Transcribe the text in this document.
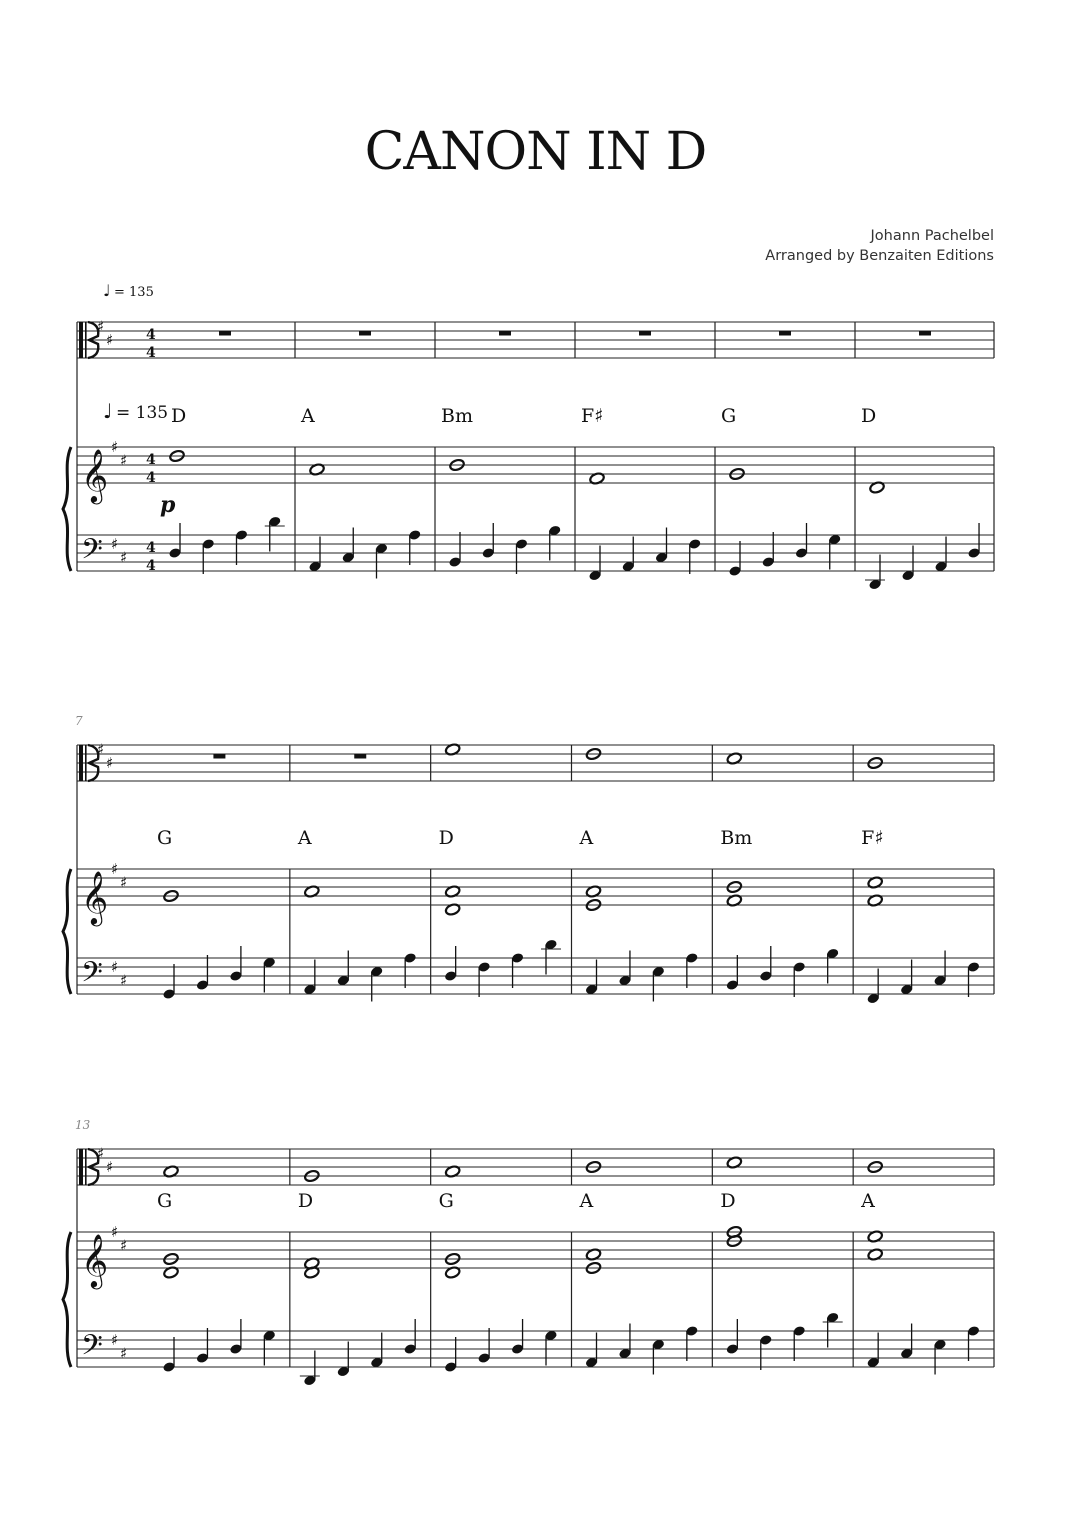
CANON IN D
Johann Pachelbel
Arranged by Benzaiten Editions
𝄞
𝄢
♯
♯
♯
♯
♯
♯
4
4
4
4
4
4
D	A	Bm	F♯	G	D
𝄞
𝄢
♯
♯
♯
♯
♯
♯
7
G	A	D	A	Bm	F♯
𝄞
𝄢
♯
♯
♯
♯
♯
♯
13
G	D	G	A	D	A
♩ = 135
♩ = 135
p
